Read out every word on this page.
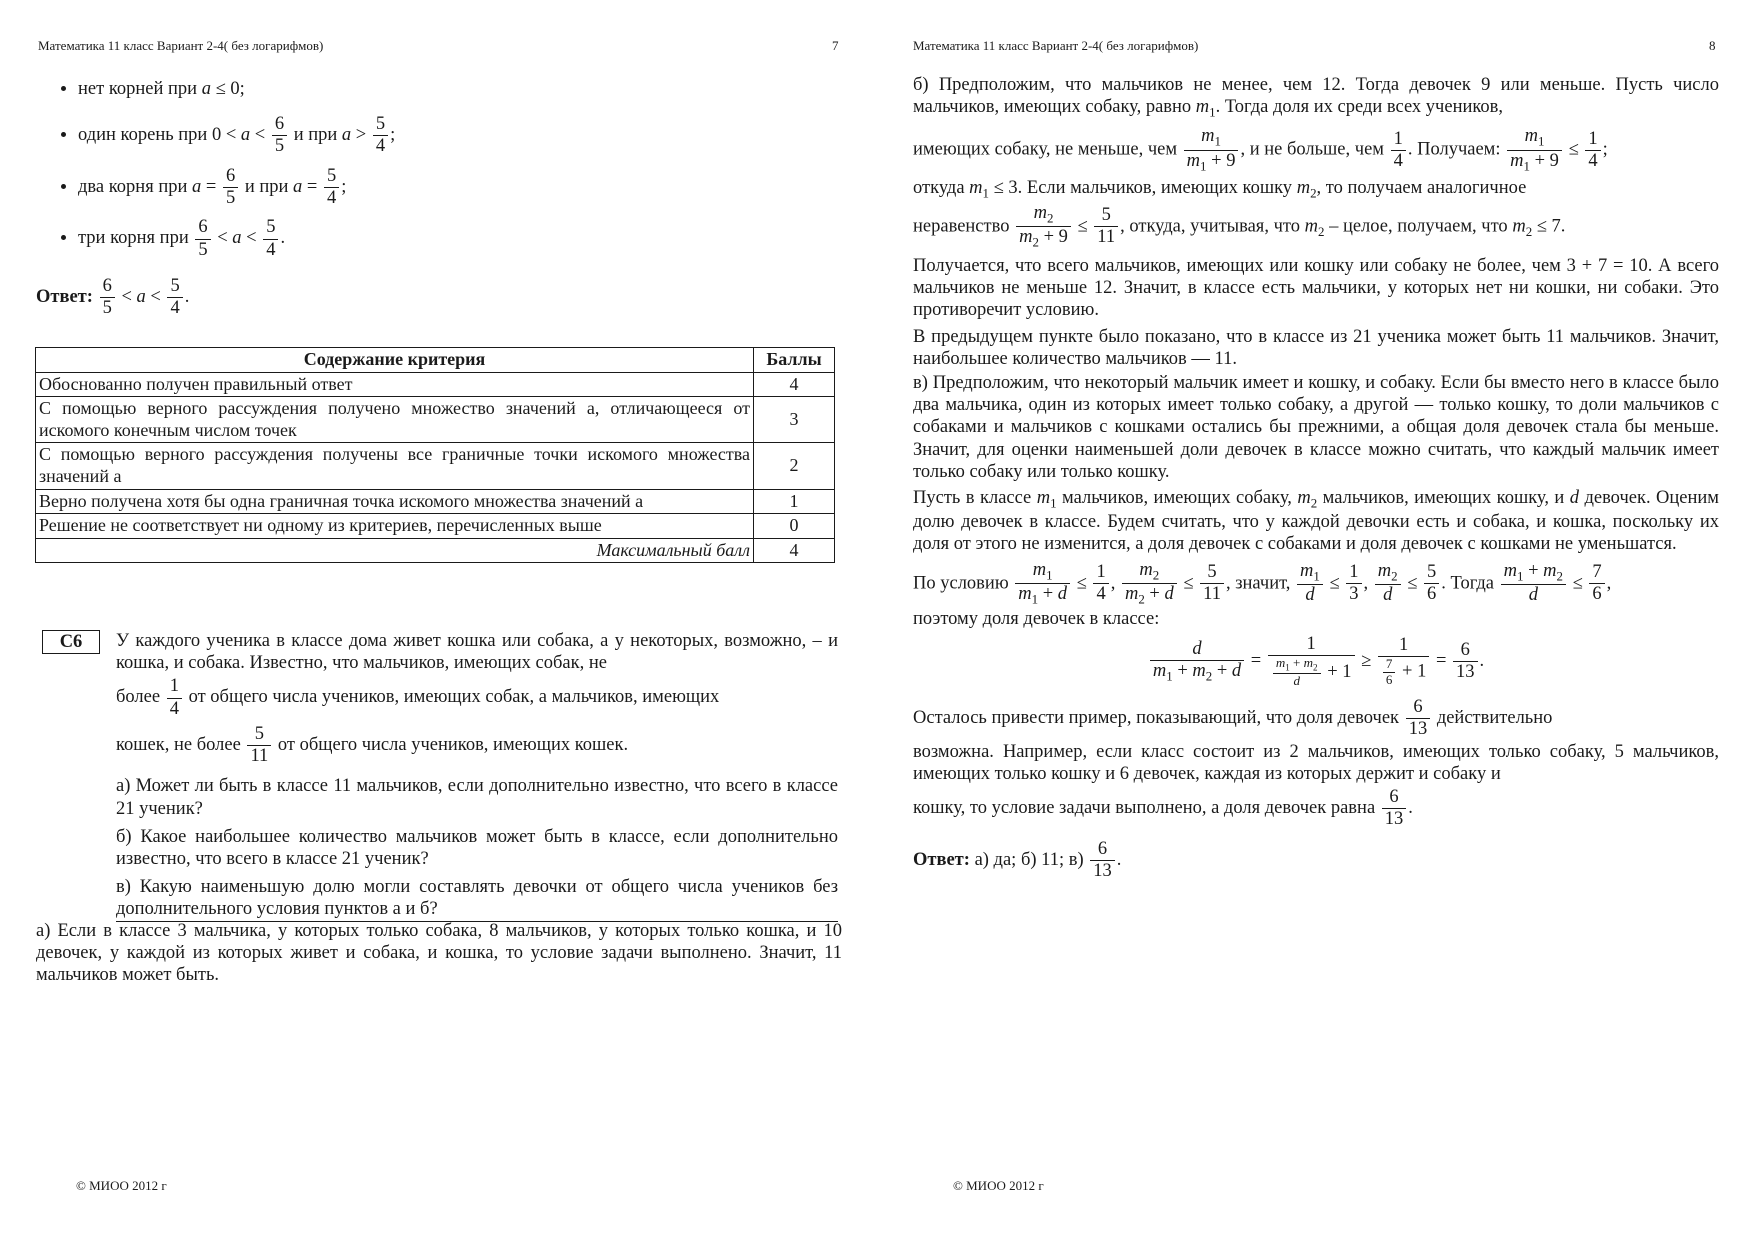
Математика 11 класс Вариант 2-4( без логарифмов)	7
• нет корней при a ≤ 0;
• один корень при $0 < a < \frac{6}{5}$ и при $a > \frac{5}{4}$ ;
• два корня при $a = \frac{6}{5}$ и при $a = \frac{5}{4}$ ;
• три корня при $\frac{6}{5} < a < \frac{5}{4}$ .
Ответ: $\frac{6}{5} < a < \frac{5}{4}$ .
Содержание критерия	Баллы
Обоснованно получен правильный ответ	4
С помощью верного рассуждения получено множество значений a, отличающееся от искомого конечным числом точек	3
С помощью верного рассуждения получены все граничные точки искомого множества значений a	2
Верно получена хотя бы одна граничная точка искомого множества значений a	1
Решение не соответствует ни одному из критериев, перечисленных выше	0
Максимальный балл	4
C6	У каждого ученика в классе дома живет кошка или собака, а у некоторых, возможно, – и кошка, и собака. Известно, что мальчиков, имеющих собак, не

более $\frac{1}{4}$ от общего числа учеников, имеющих собак, а мальчиков, имеющих

кошек, не более $\frac{5}{11}$ от общего числа учеников, имеющих кошек.

а) Может ли быть в классе 11 мальчиков, если дополнительно известно, что всего в классе 21 ученик?

б) Какое наибольшее количество мальчиков может быть в классе, если дополнительно известно, что всего в классе 21 ученик?

в) Какую наименьшую долю могли составлять девочки от общего числа учеников без дополнительного условия пунктов а и б?

а) Если в классе 3 мальчика, у которых только собака, 8 мальчиков, у которых только кошка, и 10 девочек, у каждой из которых живет и собака, и кошка, то условие задачи выполнено. Значит, 11 мальчиков может быть.

© МИОО 2012 г
Математика 11 класс Вариант 2-4( без логарифмов)	8

б) Предположим, что мальчиков не менее, чем 12. Тогда девочек 9 или меньше. Пусть число мальчиков, имеющих собаку, равно $m_1$. Тогда доля их среди всех учеников,

имеющих собаку, не меньше, чем $\frac{m_1}{m_1 + 9}$ , и не больше, чем $\frac{1}{4}$ . Получаем: $\frac{m_1}{m_1 + 9} \le \frac{1}{4}$ ;

откуда $m_1 \le 3$. Если мальчиков, имеющих кошку $m_2$, то получаем аналогичное

неравенство $\frac{m_2}{m_2 + 9} \le \frac{5}{11}$ , откуда, учитывая, что $m_2$ – целое, получаем, что $m_2 \le 7$.

Получается, что всего мальчиков, имеющих или кошку или собаку не более, чем 3 + 7 = 10. А всего мальчиков не меньше 12. Значит, в классе есть мальчики, у которых нет ни кошки, ни собаки. Это противоречит условию.

В предыдущем пункте было показано, что в классе из 21 ученика может быть 11 мальчиков. Значит, наибольшее количество мальчиков — 11.

в) Предположим, что некоторый мальчик имеет и кошку, и собаку. Если бы вместо него в классе было два мальчика, один из которых имеет только собаку, а другой — только кошку, то доли мальчиков с собаками и мальчиков с кошками остались бы прежними, а общая доля девочек стала бы меньше. Значит, для оценки наименьшей доли девочек в классе можно считать, что каждый мальчик имеет только собаку или только кошку.

Пусть в классе $m_1$ мальчиков, имеющих собаку, $m_2$ мальчиков, имеющих кошку, и d девочек. Оценим долю девочек в классе. Будем считать, что у каждой девочки есть и собака, и кошка, поскольку их доля от этого не изменится, а доля девочек с собаками и доля девочек с кошками не уменьшатся.

По условию $\frac{m_1}{m_1 + d} \le \frac{1}{4}$ , $\frac{m_2}{m_2 + d} \le \frac{5}{11}$ , значит, $\frac{m_1}{d} \le \frac{1}{3}$ , $\frac{m_2}{d} \le \frac{5}{6}$ . Тогда $\frac{m_1 + m_2}{d} \le \frac{7}{6}$ ,

поэтому доля девочек в классе:

$\frac{d}{m_1 + m_2 + d} = \frac{1}{\frac{m_1 + m_2}{d} + 1} \ge \frac{1}{\frac{7}{6} + 1} = \frac{6}{13}$ .

Осталось привести пример, показывающий, что доля девочек $\frac{6}{13}$ действительно

возможна. Например, если класс состоит из 2 мальчиков, имеющих только собаку, 5 мальчиков, имеющих только кошку и 6 девочек, каждая из которых держит и собаку и

кошку, то условие задачи выполнено, а доля девочек равна $\frac{6}{13}$ .

Ответ: а) да; б) 11; $в) \frac{6}{13}$ .

© МИОО 2012 г
